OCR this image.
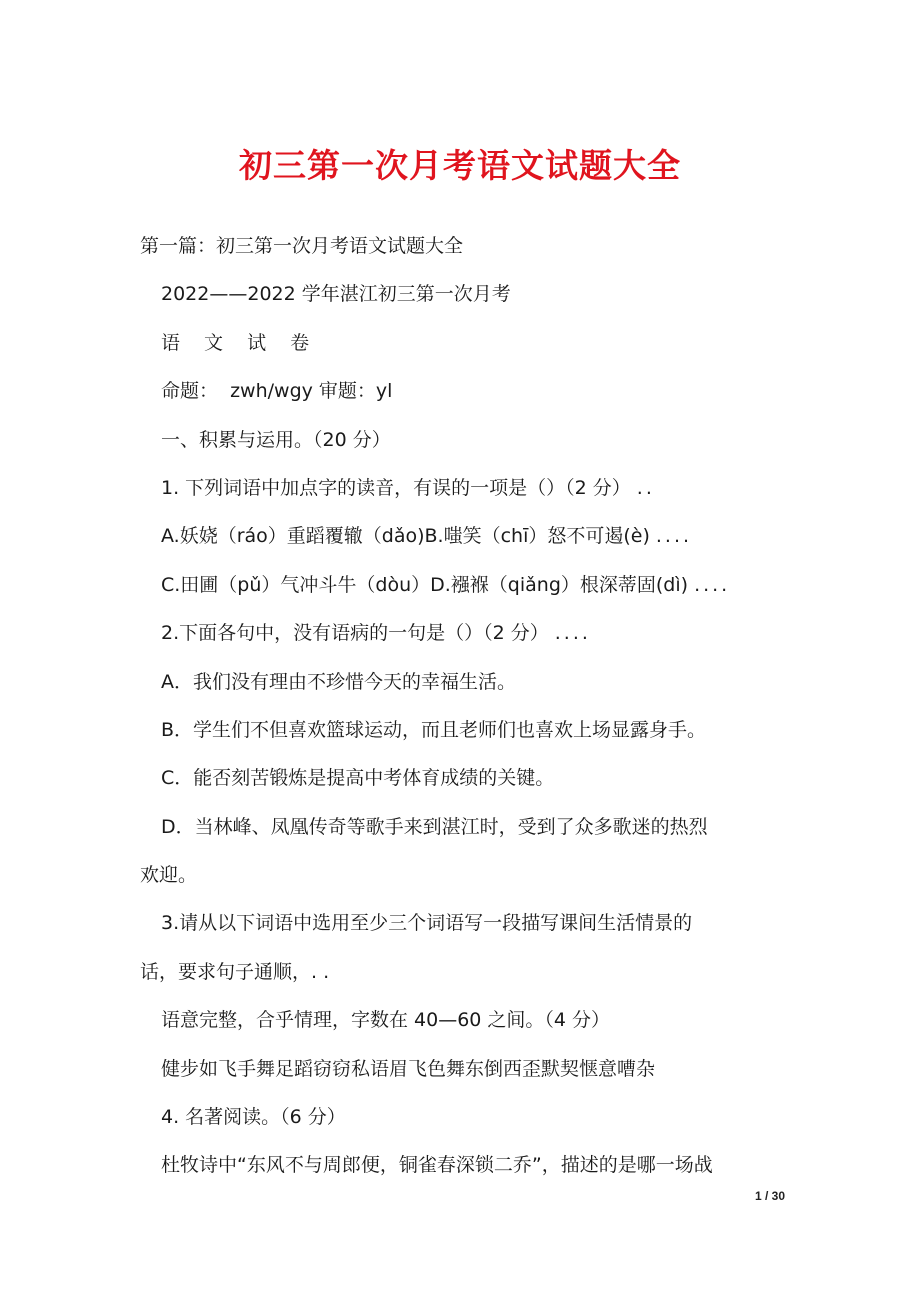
初三第一次月考语文试题大全
第一篇：初三第一次月考语文试题大全
2022——2022 学年湛江初三第一次月考
语 文 试 卷
命题：  zwh/wgy 审题：yl
一、积累与运用。（20 分）
1. 下列词语中加点字的读音，有误的一项是（）（2 分） ..
A.妖娆（ráo）重蹈覆辙（dǎo)B.嗤笑（chī）怒不可遏(è) ....
C.田圃（pǔ）气冲斗牛（dòu）D.襁褓（qiǎng）根深蒂固(dì) ....
2.下面各句中，没有语病的一句是（）（2 分） ....
A．我们没有理由不珍惜今天的幸福生活。
B．学生们不但喜欢篮球运动，而且老师们也喜欢上场显露身手。
C．能否刻苦锻炼是提高中考体育成绩的关键。
D．当林峰、凤凰传奇等歌手来到湛江时，受到了众多歌迷的热烈
欢迎。
3.请从以下词语中选用至少三个词语写一段描写课间生活情景的
话，要求句子通顺，. .
语意完整，合乎情理，字数在 40—60 之间。（4 分）
健步如飞手舞足蹈窃窃私语眉飞色舞东倒西歪默契惬意嘈杂
4. 名著阅读。（6 分）
杜牧诗中“东风不与周郎便，铜雀春深锁二乔”，描述的是哪一场战
1 / 30
